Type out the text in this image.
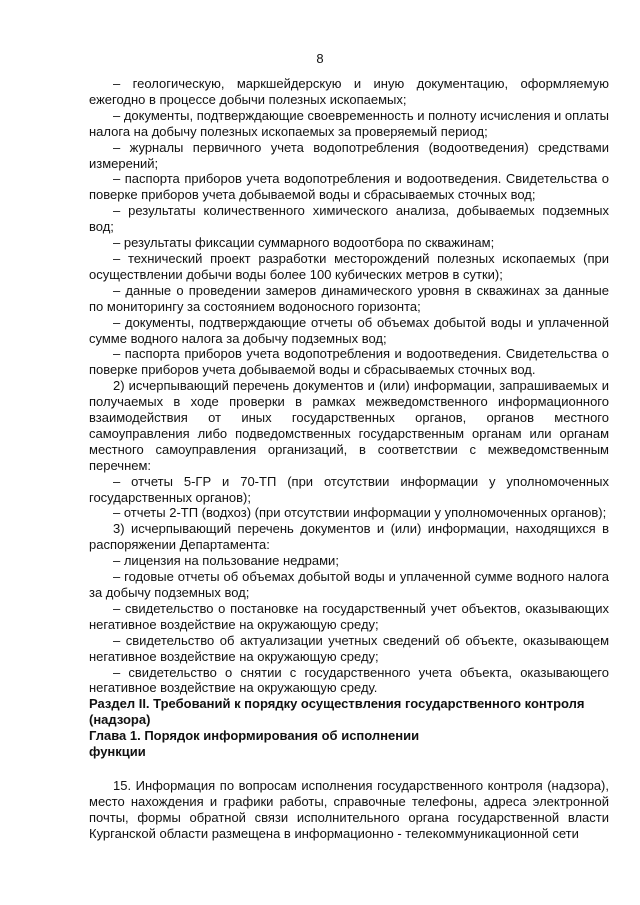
8

– геологическую, маркшейдерскую и иную документацию, оформляемую ежегодно в процессе добычи полезных ископаемых;

– документы, подтверждающие своевременность и полноту исчисления и оплаты налога на добычу полезных ископаемых за проверяемый период;

– журналы первичного учета водопотребления (водоотведения) средствами измерений;

– паспорта приборов учета водопотребления и водоотведения. Свидетельства о поверке приборов учета добываемой воды и сбрасываемых сточных вод;

– результаты количественного химического анализа, добываемых подземных вод;

– результаты фиксации суммарного водоотбора по скважинам;

– технический проект разработки месторождений полезных ископаемых (при осуществлении добычи воды более 100 кубических метров в сутки);

– данные о проведении замеров динамического уровня в скважинах за данные по мониторингу за состоянием водоносного горизонта;

– документы, подтверждающие отчеты об объемах добытой воды и уплаченной сумме водного налога за добычу подземных вод;

– паспорта приборов учета водопотребления и водоотведения. Свидетельства о поверке приборов учета добываемой воды и сбрасываемых сточных вод.

2) исчерпывающий перечень документов и (или) информации, запрашиваемых и получаемых в ходе проверки в рамках межведомственного информационного взаимодействия от иных государственных органов, органов местного самоуправления либо подведомственных государственным органам или органам местного самоуправления организаций, в соответствии с межведомственным перечнем:

– отчеты 5-ГР и 70-ТП (при отсутствии информации у уполномоченных государственных органов);

– отчеты 2-ТП (водхоз) (при отсутствии информации у уполномоченных органов);

3) исчерпывающий перечень документов и (или) информации, находящихся в распоряжении Департамента:

– лицензия на пользование недрами;

– годовые отчеты об объемах добытой воды и уплаченной сумме водного налога за добычу подземных вод;

– свидетельство о постановке на государственный учет объектов, оказывающих негативное воздействие на окружающую среду;

– свидетельство об актуализации учетных сведений об объекте, оказывающем негативное воздействие на окружающую среду;

– свидетельство о снятии с государственного учета объекта, оказывающего негативное воздействие на окружающую среду.

Раздел II. Требований к порядку осуществления государственного контроля
(надзора)

Глава 1. Порядок информирования об исполнении
функции

15. Информация по вопросам исполнения государственного контроля (надзора), место нахождения и графики работы, справочные телефоны, адреса электронной почты, формы обратной связи исполнительного органа государственной власти Курганской области размещена в информационно - телекоммуникационной сети
